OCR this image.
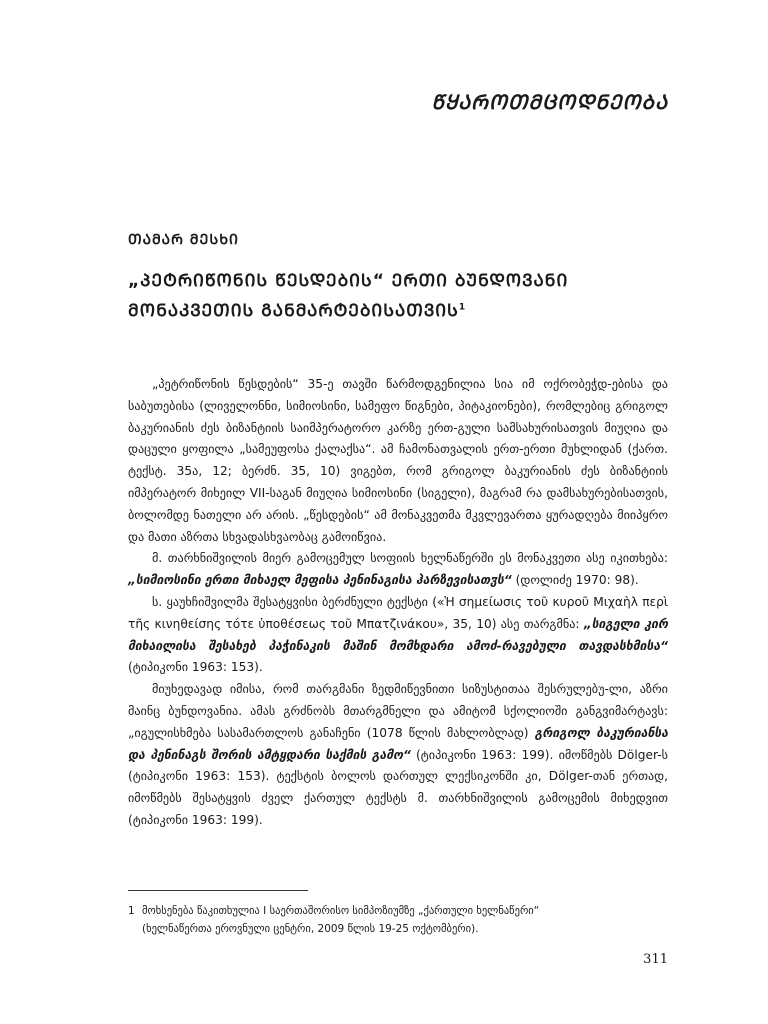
ᲬᲧᲐᲠᲝᲗᲛᲪᲝᲓᲜᲔᲝᲑᲐ
ᲗᲐᲛᲐᲠ ᲛᲔᲡᲮᲘ
„ᲞᲔᲢᲠᲘᲬᲝᲜᲘᲡ ᲬᲔᲡᲓᲔᲑᲘᲡ“ ᲔᲠᲗᲘ ᲑᲣᲜᲓᲝᲕᲐᲜᲘ
ᲛᲝᲜᲐᲙᲕᲔᲗᲘᲡ ᲒᲐᲜᲛᲐᲠᲢᲔᲑᲘᲡᲐᲗᲕᲘᲡ$^1$

„პეტრიწონის წესდების“ 35-ე თავში წარმოდგენილია სია იმ ოქრობეჭდ-ებისა და საბუთებისა (ლიველონნი, სიმიოსინი, სამეფო წიგნები, პიტაკიონები), რომლებიც გრიგოლ ბაკურიანის ძეს ბიზანტიის საიმპერატორო კარზე ერთ-გული სამსახურისათვის მიუღია და დაცული ყოფილა „სამეუფოსა ქალაქსა“. ამ ჩამონათვალის ერთ-ერთი მუხლიდან (ქართ. ტექსტ. 35ა, 12; ბერძნ. 35, 10) ვიგებთ, რომ გრიგოლ ბაკურიანის ძეს ბიზანტიის იმპერატორ მიხეილ VII-საგან მიუღია სიმიოსინი (სიგელი), მაგრამ რა დამსახურებისათვის, ბოლომდე ნათელი არ არის. „წესდების“ ამ მონაკვეთმა მკვლევართა ყურადღება მიიპყრო და მათი აზრთა სხვადასხვაობაც გამოიწვია.

მ. თარხნიშვილის მიერ გამოცემულ სოფიის ხელნაწერში ეს მონაკვეთი ასე იკითხება: „სიმიოსინი ერთი მიხაელ მეფისა პენინაგისა ჰარზევისათჳს“ (დოლიძე 1970: 98).

ს. ყაუხჩიშვილმა შესატყვისი ბერძნული ტექსტი («Ἡ σημείωσις τοῦ κυροῦ Μιχαὴλ περὶ τῆς κινηθείσης τότε ὑποθέσεως τοῦ Μπατζινάκου», 35, 10) ასე თარგმნა: „სიგელი კირ მიხაილისა შესახებ პაჭინაკის მაშინ მომხდარი ამოძ-რავებული თავდასხმისა“ (ტიპიკონი 1963: 153).

მიუხედავად იმისა, რომ თარგმანი ზედმიწევნითი სიზუსტითაა შესრულებუ-ლი, აზრი მაინც ბუნდოვანია. ამას გრძნობს მთარგმნელი და ამიტომ სქოლიოში განგვიმარტავს: „იგულისხმება სასამართლოს განაჩენი (1078 წლის მახლობლად) გრიგოლ ბაკურიანსა და პენინაგს შორის ამტყდარი საქმის გამო“ (ტიპიკონი 1963: 199). იმოწმებს Dölger-ს (ტიპიკონი 1963: 153). ტექსტის ბოლოს დართულ ლექსიკონში კი, Dölger-თან ერთად, იმოწმებს შესატყვის ძველ ქართულ ტექსტს მ. თარხნიშვილის გამოცემის მიხედვით (ტიპიკონი 1963: 199).

1 მოხსენება წაკითხულია I საერთაშორისო სიმპოზიუმზე „ქართული ხელნაწერი“
(ხელნაწერთა ეროვნული ცენტრი, 2009 წლის 19-25 ოქტომბერი).
311
